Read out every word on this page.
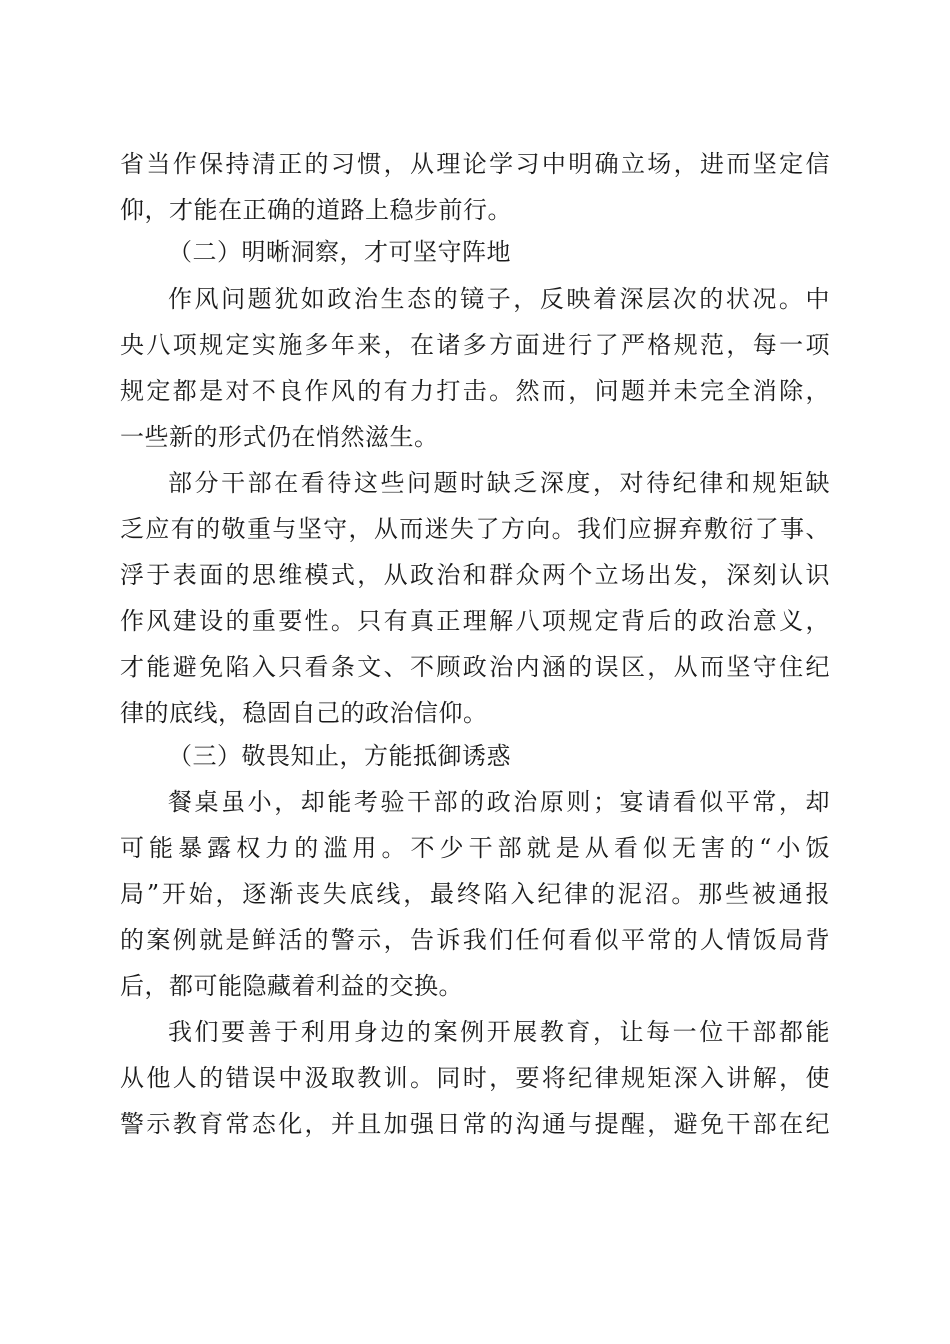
省当作保持清正的习惯，从理论学习中明确立场，进而坚定信
仰，才能在正确的道路上稳步前行。
（二）明晰洞察，才可坚守阵地
作风问题犹如政治生态的镜子，反映着深层次的状况。中
央八项规定实施多年来，在诸多方面进行了严格规范，每一项
规定都是对不良作风的有力打击。然而，问题并未完全消除，
一些新的形式仍在悄然滋生。
部分干部在看待这些问题时缺乏深度，对待纪律和规矩缺
乏应有的敬重与坚守，从而迷失了方向。我们应摒弃敷衍了事、
浮于表面的思维模式，从政治和群众两个立场出发，深刻认识
作风建设的重要性。只有真正理解八项规定背后的政治意义，
才能避免陷入只看条文、不顾政治内涵的误区，从而坚守住纪
律的底线，稳固自己的政治信仰。
（三）敬畏知止，方能抵御诱惑
餐桌虽小，却能考验干部的政治原则；宴请看似平常，却
可能暴露权力的滥用。不少干部就是从看似无害的“小饭
局”开始，逐渐丧失底线，最终陷入纪律的泥沼。那些被通报
的案例就是鲜活的警示，告诉我们任何看似平常的人情饭局背
后，都可能隐藏着利益的交换。
我们要善于利用身边的案例开展教育，让每一位干部都能
从他人的错误中汲取教训。同时，要将纪律规矩深入讲解，使
警示教育常态化，并且加强日常的沟通与提醒，避免干部在纪
